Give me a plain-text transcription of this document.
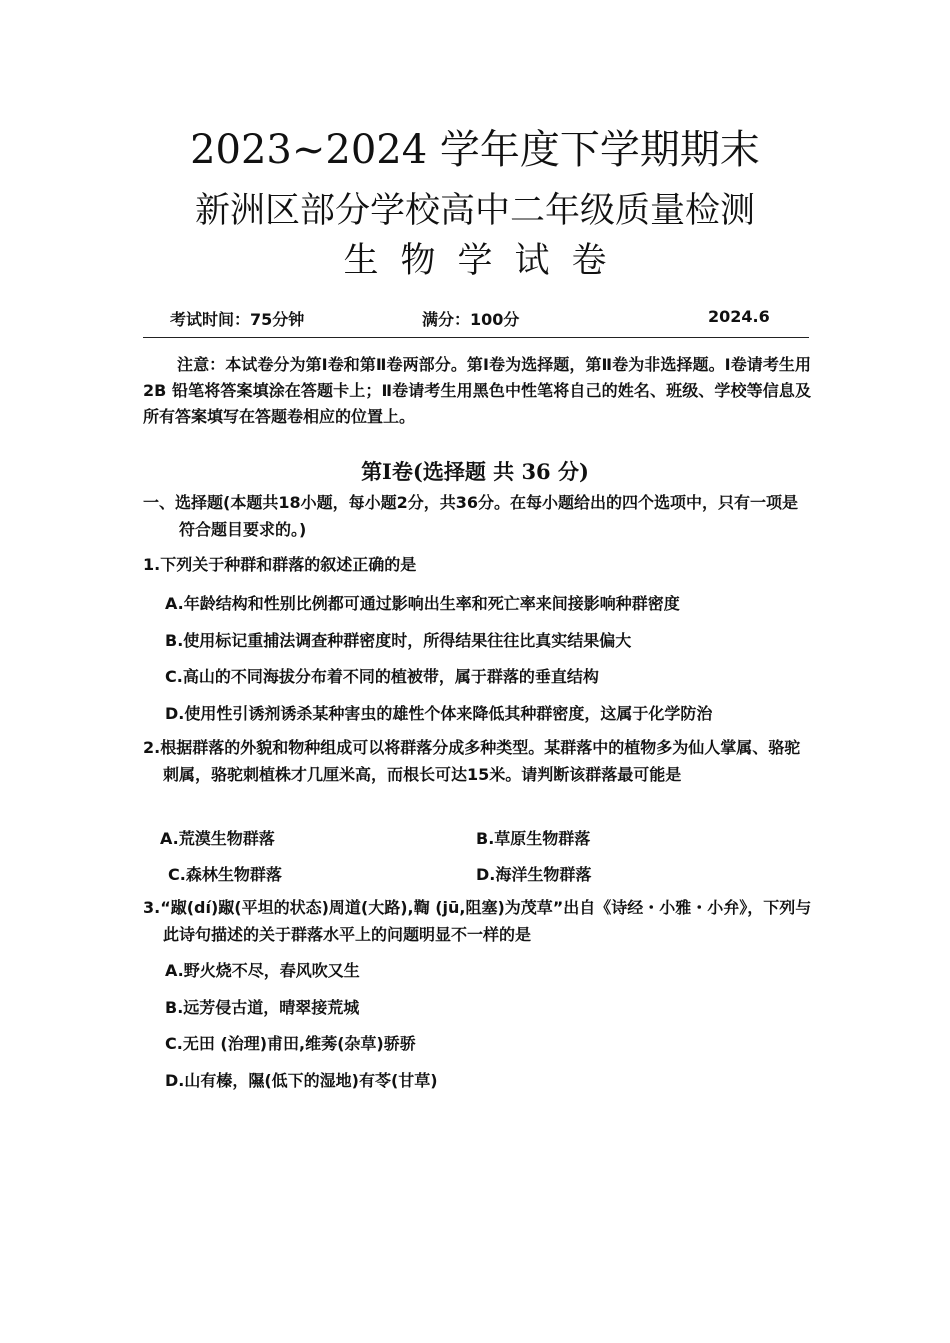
2023~2024 学年度下学期期末
新洲区部分学校高中二年级质量检测
生物学试卷
考试时间：75分钟	满分：100分	2024.6
注意：本试卷分为第Ⅰ卷和第Ⅱ卷两部分。第Ⅰ卷为选择题，第Ⅱ卷为非选择题。Ⅰ卷请考生用2B 铅笔将答案填涂在答题卡上；Ⅱ卷请考生用黑色中性笔将自己的姓名、班级、学校等信息及所有答案填写在答题卷相应的位置上。
第Ⅰ卷(选择题 共 36 分)
一、选择题(本题共18小题，每小题2分，共36分。在每小题给出的四个选项中，只有一项是符合题目要求的。)
1.下列关于种群和群落的叙述正确的是
A.年龄结构和性别比例都可通过影响出生率和死亡率来间接影响种群密度
B.使用标记重捕法调查种群密度时，所得结果往往比真实结果偏大
C.高山的不同海拔分布着不同的植被带，属于群落的垂直结构
D.使用性引诱剂诱杀某种害虫的雄性个体来降低其种群密度，这属于化学防治
2.根据群落的外貌和物种组成可以将群落分成多种类型。某群落中的植物多为仙人掌属、骆驼刺属，骆驼刺植株才几厘米高，而根长可达15米。请判断该群落最可能是
A.荒漠生物群落	B.草原生物群落
C.森林生物群落	D.海洋生物群落
3.“踧(dí)踧(平坦的状态)周道(大路),鞫 (jū,阻塞)为茂草”出自《诗经・小雅・小弁》，下列与此诗句描述的关于群落水平上的问题明显不一样的是
A.野火烧不尽，春风吹又生
B.远芳侵古道，晴翠接荒城
C.无田 (治理)甫田,维莠(杂草)骄骄
D.山有榛，隰(低下的湿地)有苓(甘草)
